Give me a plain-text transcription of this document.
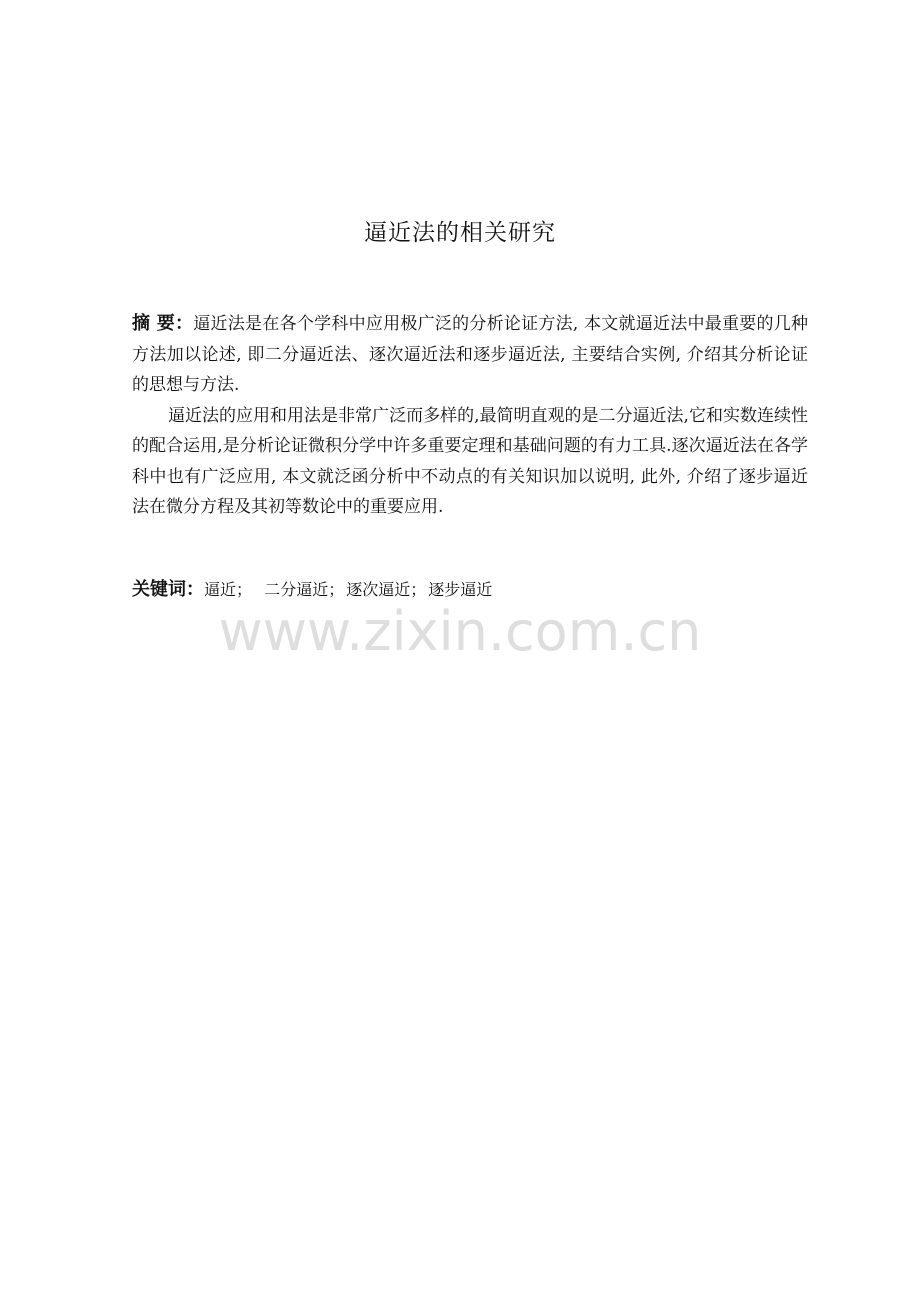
逼近法的相关研究

摘 要：逼近法是在各个学科中应用极广泛的分析论证方法, 本文就逼近法中最重要的几种方法加以论述, 即二分逼近法、逐次逼近法和逐步逼近法, 主要结合实例, 介绍其分析论证的思想与方法.

逼近法的应用和用法是非常广泛而多样的,最简明直观的是二分逼近法,它和实数连续性的配合运用,是分析论证微积分学中许多重要定理和基础问题的有力工具.逐次逼近法在各学科中也有广泛应用, 本文就泛函分析中不动点的有关知识加以说明, 此外, 介绍了逐步逼近法在微分方程及其初等数论中的重要应用.

关键词：逼近； 二分逼近； 逐次逼近； 逐步逼近
www.zixin.com.cn
